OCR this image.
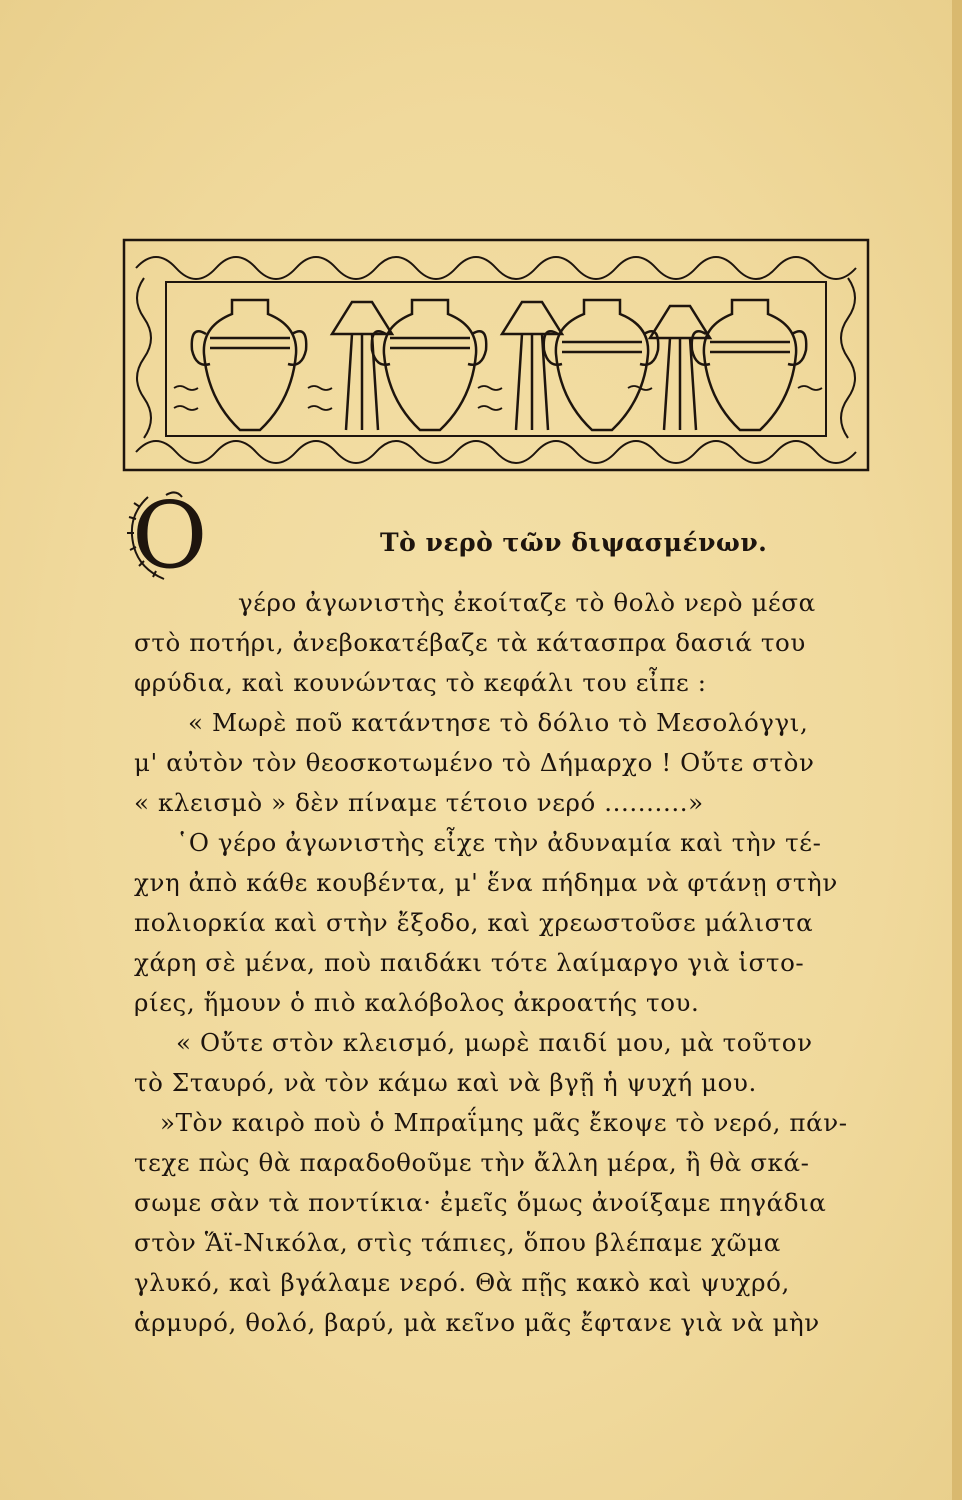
Ο	Τὸ νερὸ τῶν διψασμένων.
γέρο ἀγωνιστὴς ἐκοίταζε τὸ θολὸ νερὸ μέσα
στὸ ποτήρι, ἀνεβοκατέβαζε τὰ κάτασπρα δασιά του
φρύδια, καὶ κουνώντας τὸ κεφάλι του εἶπε :
« Μωρὲ ποῦ κατάντησε τὸ δόλιο τὸ Μεσολόγγι,
μ' αὐτὸν τὸν θεοσκοτωμένο τὸ Δήμαρχο ! Οὔτε στὸν
« κλεισμὸ » δὲν πίναμε τέτοιο νερό ..........»
῾Ο γέρο ἀγωνιστὴς εἶχε τὴν ἀδυναμία καὶ τὴν τέ-
χνη ἀπὸ κάθε κουβέντα, μ' ἕνα πήδημα νὰ φτάνῃ στὴν
πολιορκία καὶ στὴν ἔξοδο, καὶ χρεωστοῦσε μάλιστα
χάρη σὲ μένα, ποὺ παιδάκι τότε λαίμαργο γιὰ ἱστο-
ρίες, ἥμουν ὁ πιὸ καλόβολος ἀκροατής του.
« Οὔτε στὸν κλεισμό, μωρὲ παιδί μου, μὰ τοῦτον
τὸ Σταυρό, νὰ τὸν κάμω καὶ νὰ βγῇ ἡ ψυχή μου.
»Τὸν καιρὸ ποὺ ὁ Μπραΐμης μᾶς ἔκοψε τὸ νερό, πάν-
τεχε πὼς θὰ παραδοθοῦμε τὴν ἄλλη μέρα, ἢ θὰ σκά-
σωμε σὰν τὰ ποντίκια· ἐμεῖς ὅμως ἀνοίξαμε πηγάδια
στὸν Ἅϊ-Νικόλα, στὶς τάπιες, ὅπου βλέπαμε χῶμα
γλυκό, καὶ βγάλαμε νερό. Θὰ πῇς κακὸ καὶ ψυχρό,
ἁρμυρό, θολό, βαρύ, μὰ κεῖνο μᾶς ἔφτανε γιὰ νὰ μὴν
